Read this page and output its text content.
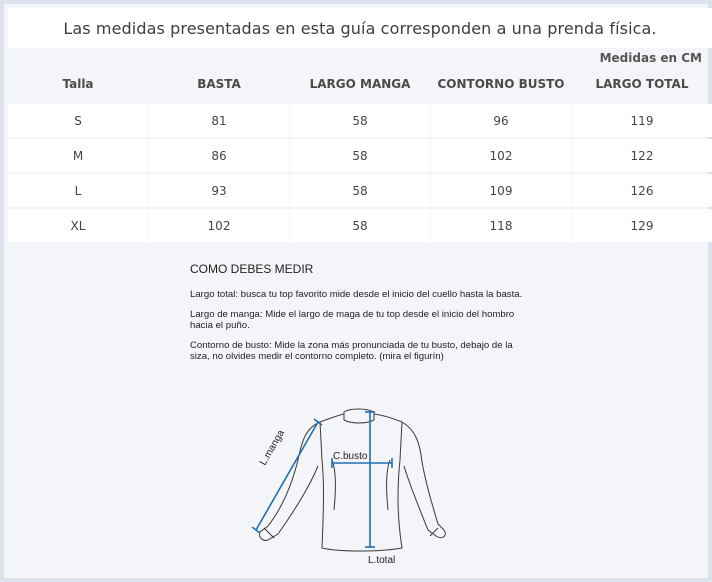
Las medidas presentadas en esta guía corresponden a una prenda física.
Medidas en CM
Talla	BASTA	LARGO MANGA	CONTORNO BUSTO	LARGO TOTAL
S	81	58	96	119
M	86	58	102	122
L	93	58	109	126
XL	102	58	118	129
COMO DEBES MEDIR

Largo total: busca tu top favorito mide desde el inicio del cuello hasta la basta.

Largo de manga: Mide el largo de maga de tu top desde el inicio del hombro hacia el puño.

Contorno de busto: Mide la zona más pronunciada de tu busto, debajo de la siza, no olvides medir el contorno completo. (mira el figurín)

L.manga	C.busto
L.total
